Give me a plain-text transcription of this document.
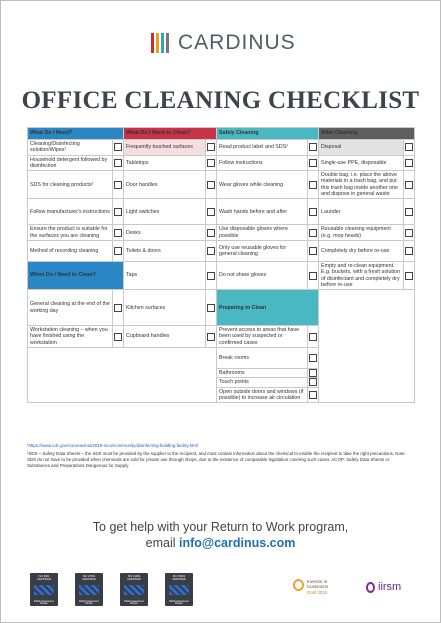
CARDINUS
OFFICE CLEANING CHECKLIST
What Do I Need?		What Do I Need to Clean?		Safely Cleaning		After Cleaning	
Cleaning/Disinfecting solution/Wipes¹		Frequently touched surfaces		Read product label and SDS²		Disposal	
Household detergent followed by disinfection		Tabletops		Follow instructions		Single-use PPE, disposable	
SDS for cleaning products²		Door handles		Wear gloves while cleaning		Double bag, i.e. place the above materials in a trash bag, and put this trash bag inside another one and dispose in general waste	
Follow manufacturer's instructions		Light switches		Wash hands before and after		Launder	
Ensure the product is suitable for the surfaces you are cleaning		Desks		Use disposable gloves where possible		Reusable cleaning equipment (e.g. mop heads)	
Method of recording cleaning		Toilets & doors		Only use reusable gloves for general cleaning		Completely dry before re-use	
When Do I Need to Clean?		Taps		Do not share gloves		Empty and re-clean equipment. E.g. buckets, with a fresh solution of disinfectant and completely dry before re-use	
General cleaning at the end of the working day		Kitchen surfaces		Preparing to Clean			
Workstation cleaning – when you have finished using the workstation		Cupboard handles		Prevent access to areas that have been used by suspected or confirmed cases			
				Break rooms			
				Bathrooms			
				Touch points			
				Open outside doors and windows (if possible) to increase air circulation			
¹https://www.cdc.gov/coronavirus/2019-ncov/community/disinfecting-building-facility.html
²SDS – Safety Data Sheets – the SDS must be provided by the supplier to the recipient, and must contain information about the chemical to enable the recipient to take the right precautions. Note: SDS do not have to be provided when chemicals are sold for private use through shops, due to the existence of comparable legislation covering such cases. ACOP: Safety Data Sheets or Substances and Preparations Dangerous for Supply.
To get help with your Return to Work program,
email info@cardinus.com
ISO 9001 CERTIFIED
British Assessment Bureau
ISO 27001 CERTIFIED
British Assessment Bureau
ISO 14001 CERTIFIED
British Assessment Bureau
ISO 45001 CERTIFIED
British Assessment Bureau
Investor in
Customers
Gold 2016	iirsm
